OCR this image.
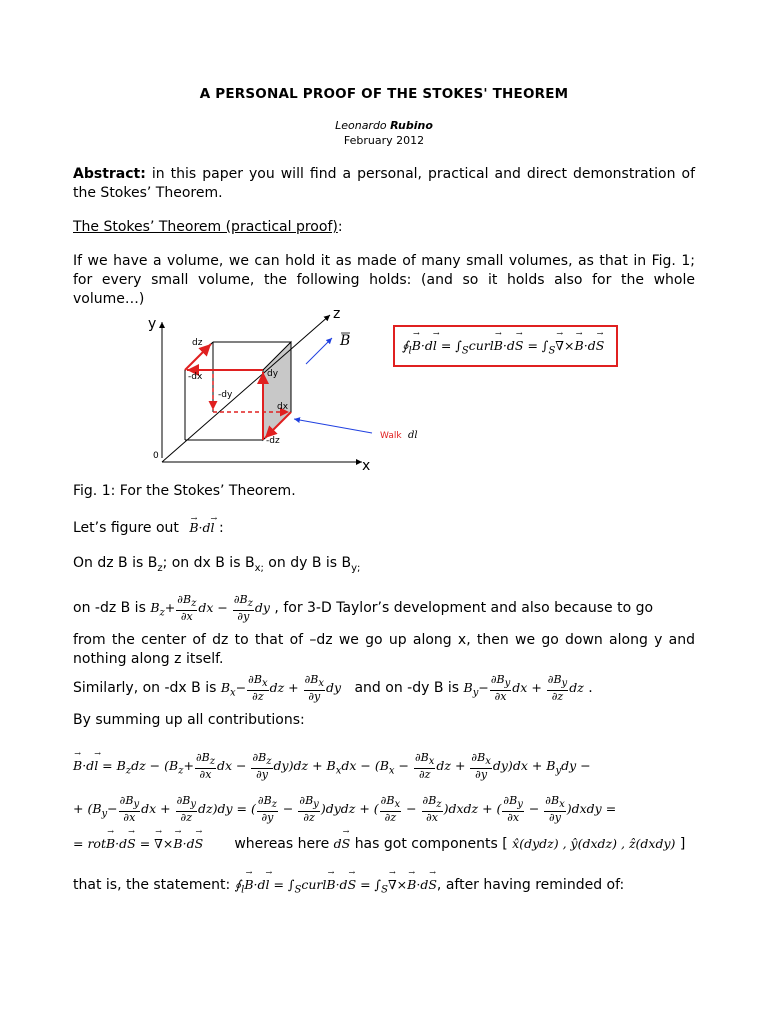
A PERSONAL PROOF OF THE STOKES' THEOREM
Leonardo Rubino
February 2012
Abstract: in this paper you will find a personal, practical and direct demonstration of the Stokes’ Theorem.
The Stokes’ Theorem (practical proof):
If we have a volume, we can hold it as made of many small volumes, as that in Fig. 1; for every small volume, the following holds: (and so it holds also for the whole volume…)
y
x
z
0
B
dz
-dx
-dy
dy
dx
-dz	Walk dl
$∮_l\to B\cdot d\to l$ = $\int_Scurl\to B\cdot d\to S = \int_S\to$ ∇×→ B·d→ S
Fig. 1: For the Stokes’ Theorem.
Let’s figure out → B·d→ l :
On dz B is $B_z$; on dx B is $B_{x;}$ on dy B is $B_{y;}$
on -dz B is $B_z+ \frac{\partial B_z}{\partial x}$ dx − $\frac{\partial B_z}{\partial y}$ dy , for 3-D Taylor’s development and also because to go
from the center of dz to that of –dz we go up along x, then we go down along y and nothing along z itself.
Similarly, on -dx B is $B_x- \frac{\partial B_x}{\partial z}$ dz + $\frac{\partial B_x}{\partial y}$ dy and on -dy B is $B_y- \frac{\partial B_y}{\partial x}$ dx + $\frac{\partial B_y}{\partial z}$ dz .
By summing up all contributions:
→ $B\cdot d\to l = B_zdz - (B_z+ \frac{\partial B_z}{\partial x}$ dx − $\frac{\partial B_z}{\partial y} dy)dz + B_xdx - (B_x - \frac{\partial B_x}{\partial z}$ dz + $\frac{\partial B_x}{\partial y} dy)dx + B_ydy$ −
+ ($B_y- \frac{\partial B_y}{\partial x}$ dx + $\frac{\partial B_y}{\partial z} dz)dy$ = ( $\frac{\partial B_z}{\partial y} - \frac{\partial B_y}{\partial z}$ )dydz + ( $\frac{\partial B_x}{\partial z} - \frac{\partial B_z}{\partial x}$ )dxdz + ( $\frac{\partial B_y}{\partial x} - \frac{\partial B_x}{\partial y}$ )dxdy =
= rot→ B·d→ S = → ∇×→ B·d→ S whereas here d→ S has got components [ x̂(dydz) , ŷ(dxdz) , ẑ(dxdy) ]
that is, the statement: $∮_l\to B\cdot d\to l$ = $\int_Scurl\to B\cdot d\to S = \int_S\to$ ∇×→ B·d→ S, after having reminded of:
